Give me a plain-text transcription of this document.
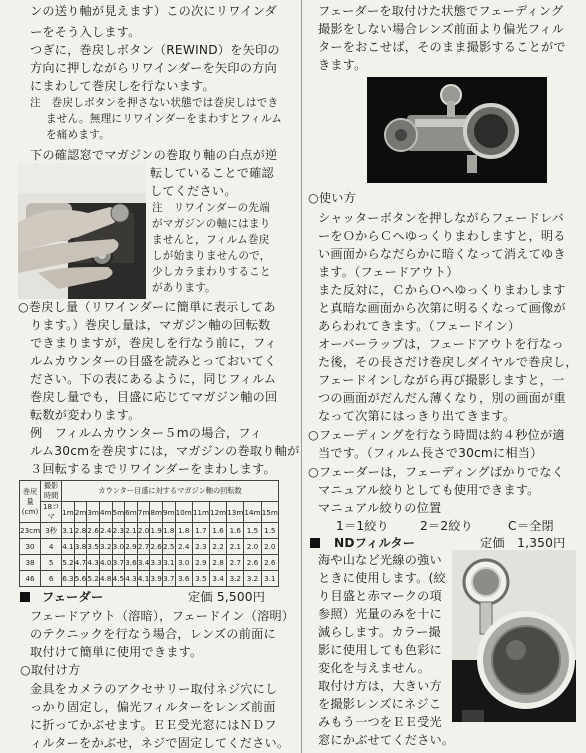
ンの送り軸が見えます）この次にリワインダ
ーをそう入します。
つぎに，巻戻しボタン（REWIND）を矢印の
方向に押しながらリワインダーを矢印の方向
にまわして巻戻しを行ないます。
注　巻戻しボタンを押さない状態では巻戻しはでき
ません。無理にリワインダーをまわすとフィルム
を痛めます。
下の確認窓でマガジンの巻取り軸の白点が逆
転していることで確認
してください。
注　リワインダーの先端
がマガジンの軸にはまり
ませんと，フィルム巻戻
しが始まりませんので，
少しカラまわりすること
があります。
○巻戻し量（リワインダーに簡単に表示してあ
ります。）巻戻し量は，マガジン軸の回転数
できまりますが，巻戻しを行なう前に，フィ
ルムカウンターの目盛を読みとっておいてく
ださい。下の表にあるように，同じフィルム
巻戻し量でも，目盛に応じてマガジン軸の回
転数が変わります。
例　フィルムカウンター５mの場合，フィ
ルム30cmを巻戻すには，マガジンの巻取り軸が
３回転するまでリワインダーをまわします。
巻戻量(cm)	撮影時間	カウンター目盛に対するマガジン軸の回転数														
	18コマ	1m	2m	3m	4m	5m	6m	7m	8m	9m	10m	11m	12m	13m	14m	15m
23cm	3秒	3.1	2.8	2.6	2.4	2.3	2.1	2.0	1.9	1.8	1.8	1.7	1.6	1.6	1.5	1.5
30	4	4.1	3.8	3.5	3.2	3.0	2.9	2.7	2.6	2.5	2.4	2.3	2.2	2.1	2.0	2.0
38	5	5.2	4.7	4.3	4.0	3.7	3.6	3.4	3.3	3.1	3.0	2.9	2.8	2.7	2.6	2.6
46	6	6.3	5.6	5.2	4.8	4.5	4.3	4.1	3.9	3.7	3.6	3.5	3.4	3.2	3.2	3.1
フェーダー	定価 5,500円
フェードアウト（溶暗），フェードイン（溶明）
のテクニックを行なう場合，レンズの前面に
取付けて簡単に使用できます。
○取付け方
金具をカメラのアクセサリー取付ネジ穴にし
っかり固定し，偏光フィルターをレンズ前面
に折ってかぶせます。ＥＥ受光窓にはＮＤフ
ィルターをかぶせ，ネジで固定してください。
フェーダーを取付けた状態でフェーディング
撮影をしない場合レンズ前面より偏光フィル
ターをおこせば，そのまま撮影することがで
きます。
○使い方
シャッターボタンを押しながらフェードレバ
ーをＯからＣへゆっくりまわしますと，明る
い画面からなだらかに暗くなって消えてゆき
ます。（フェードアウト）
また反対に，ＣからＯへゆっくりまわします
と真暗な画面から次第に明るくなって画像が
あらわれてきます。（フェードイン）
オーバーラップは，フェードアウトを行なっ
た後，その長さだけ巻戻しダイヤルで巻戻し，
フェードインしながら再び撮影しますと，一
つの画面がだんだん薄くなり，別の画面が重
なって次第にはっきり出てきます。
○フェーディングを行なう時間は約４秒位が適
当です。（フィルム長さで30cmに相当）
○フェーダーは，フェーディングばかりでなく
マニュアル絞りとしても使用できます。
マニュアル絞りの位置
1＝1絞り	2＝2絞り	C＝全閉
NDフィルター	定価　1,350円
海や山など光線の強い
ときに使用します。(絞
り目盛と赤マークの項
参照）光量のみを十に
減らします。カラー撮
影に使用しても色彩に
変化を与えません。
取付け方は，大きい方
を撮影レンズにネジこ
みもう一つをＥＥ受光
窓にかぶせてください。
